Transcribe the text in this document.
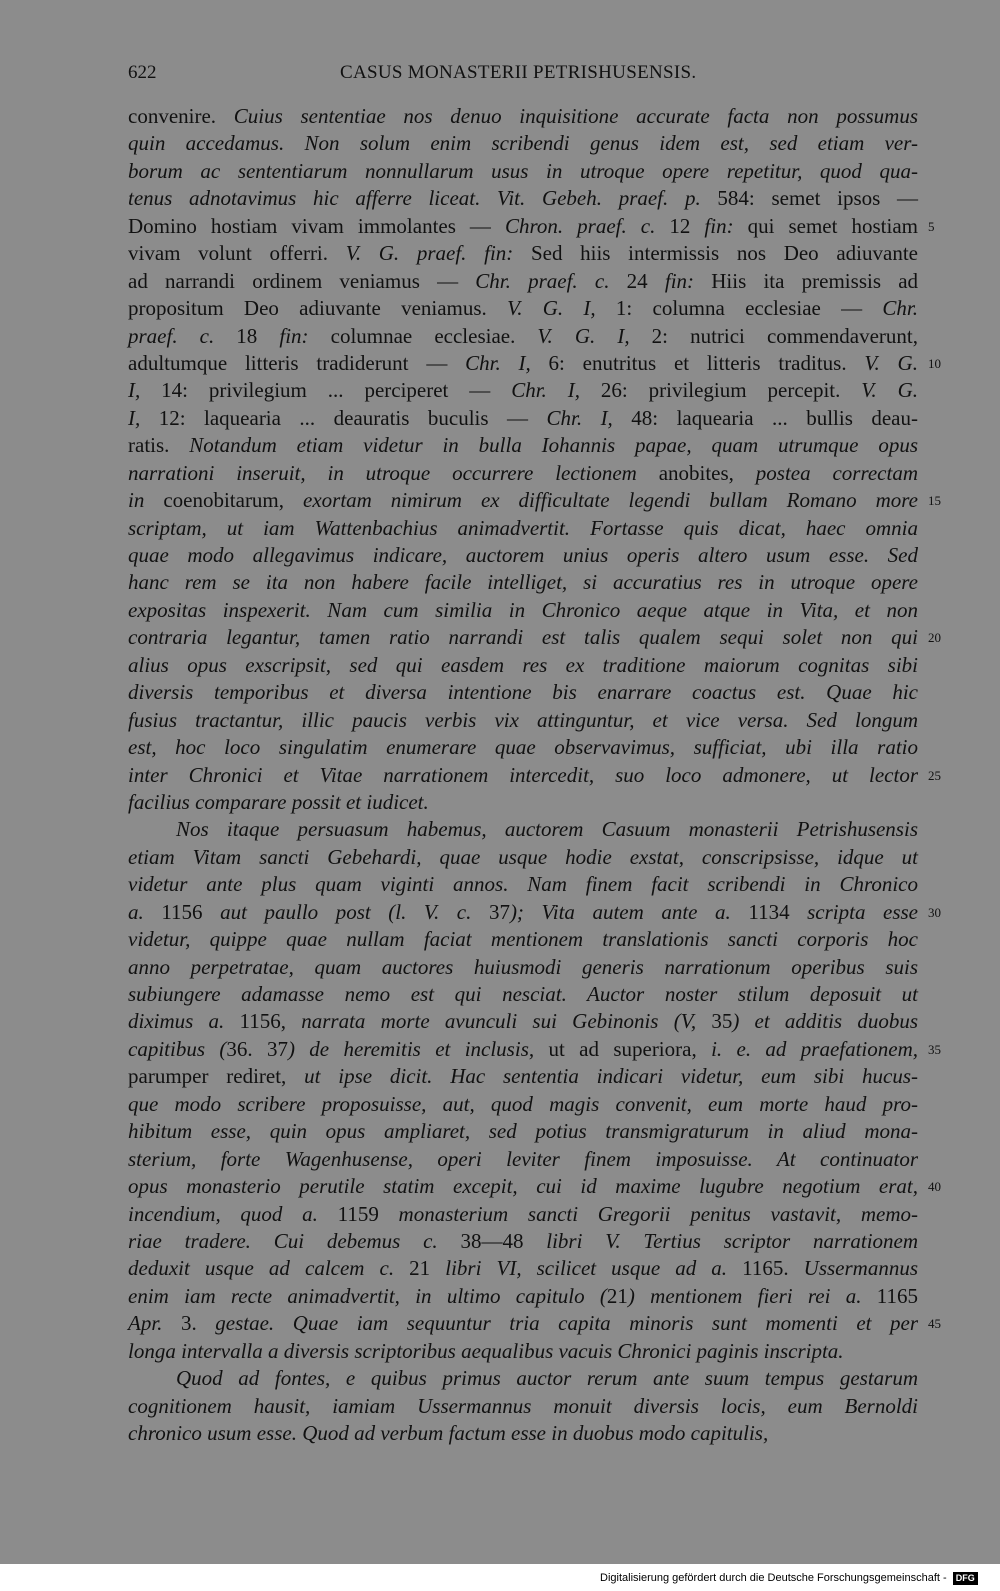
622	CASUS MONASTERII PETRISHUSENSIS.
convenire. Cuius sententiae nos denuo inquisitione accurate facta non possumus
quin accedamus. Non solum enim scribendi genus idem est, sed etiam ver-
borum ac sententiarum nonnullarum usus in utroque opere repetitur, quod qua-
tenus adnotavimus hic afferre liceat. Vit. Gebeh. praef. p. 584: semet ipsos —
Domino hostiam vivam immolantes — Chron. praef. c. 12 fin: qui semet hostiam 5
vivam volunt offerri. V. G. praef. fin: Sed hiis intermissis nos Deo adiuvante
ad narrandi ordinem veniamus — Chr. praef. c. 24 fin: Hiis ita premissis ad
propositum Deo adiuvante veniamus. V. G. I, 1: columna ecclesiae — Chr.
praef. c. 18 fin: columnae ecclesiae. V. G. I, 2: nutrici commendaverunt,
adultumque litteris tradiderunt — Chr. I, 6: enutritus et litteris traditus. V. G. 10
I, 14: privilegium ... perciperet — Chr. I, 26: privilegium percepit. V. G.
I, 12: laquearia ... deauratis buculis — Chr. I, 48: laquearia ... bullis deau-
ratis. Notandum etiam videtur in bulla Iohannis papae, quam utrumque opus
narrationi inseruit, in utroque occurrere lectionem anobites, postea correctam
in coenobitarum, exortam nimirum ex difficultate legendi bullam Romano more 15
scriptam, ut iam Wattenbachius animadvertit. Fortasse quis dicat, haec omnia
quae modo allegavimus indicare, auctorem unius operis altero usum esse. Sed
hanc rem se ita non habere facile intelliget, si accuratius res in utroque opere
expositas inspexerit. Nam cum similia in Chronico aeque atque in Vita, et non
contraria legantur, tamen ratio narrandi est talis qualem sequi solet non qui 20
alius opus exscripsit, sed qui easdem res ex traditione maiorum cognitas sibi
diversis temporibus et diversa intentione bis enarrare coactus est. Quae hic
fusius tractantur, illic paucis verbis vix attinguntur, et vice versa. Sed longum
est, hoc loco singulatim enumerare quae observavimus, sufficiat, ubi illa ratio
inter Chronici et Vitae narrationem intercedit, suo loco admonere, ut lector 25
facilius comparare possit et iudicet.
Nos itaque persuasum habemus, auctorem Casuum monasterii Petrishusensis
etiam Vitam sancti Gebehardi, quae usque hodie exstat, conscripsisse, idque ut
videtur ante plus quam viginti annos. Nam finem facit scribendi in Chronico
a. 1156 aut paullo post (l. V. c. 37); Vita autem ante a. 1134 scripta esse 30
videtur, quippe quae nullam faciat mentionem translationis sancti corporis hoc
anno perpetratae, quam auctores huiusmodi generis narrationum operibus suis
subiungere adamasse nemo est qui nesciat. Auctor noster stilum deposuit ut
diximus a. 1156, narrata morte avunculi sui Gebinonis (V, 35) et additis duobus
capitibus (36. 37) de heremitis et inclusis, ut ad superiora, i. e. ad praefationem, 35
parumper rediret, ut ipse dicit. Hac sententia indicari videtur, eum sibi hucus-
que modo scribere proposuisse, aut, quod magis convenit, eum morte haud pro-
hibitum esse, quin opus ampliaret, sed potius transmigraturum in aliud mona-
sterium, forte Wagenhusense, operi leviter finem imposuisse. At continuator
opus monasterio perutile statim excepit, cui id maxime lugubre negotium erat, 40
incendium, quod a. 1159 monasterium sancti Gregorii penitus vastavit, memo-
riae tradere. Cui debemus c. 38—48 libri V. Tertius scriptor narrationem
deduxit usque ad calcem c. 21 libri VI, scilicet usque ad a. 1165. Ussermannus
enim iam recte animadvertit, in ultimo capitulo (21) mentionem fieri rei a. 1165
Apr. 3. gestae. Quae iam sequuntur tria capita minoris sunt momenti et per 45
longa intervalla a diversis scriptoribus aequalibus vacuis Chronici paginis inscripta.
Quod ad fontes, e quibus primus auctor rerum ante suum tempus gestarum
cognitionem hausit, iamiam Ussermannus monuit diversis locis, eum Bernoldi
chronico usum esse. Quod ad verbum factum esse in duobus modo capitulis,
Digitalisierung gefördert durch die Deutsche Forschungsgemeinschaft - DFG
